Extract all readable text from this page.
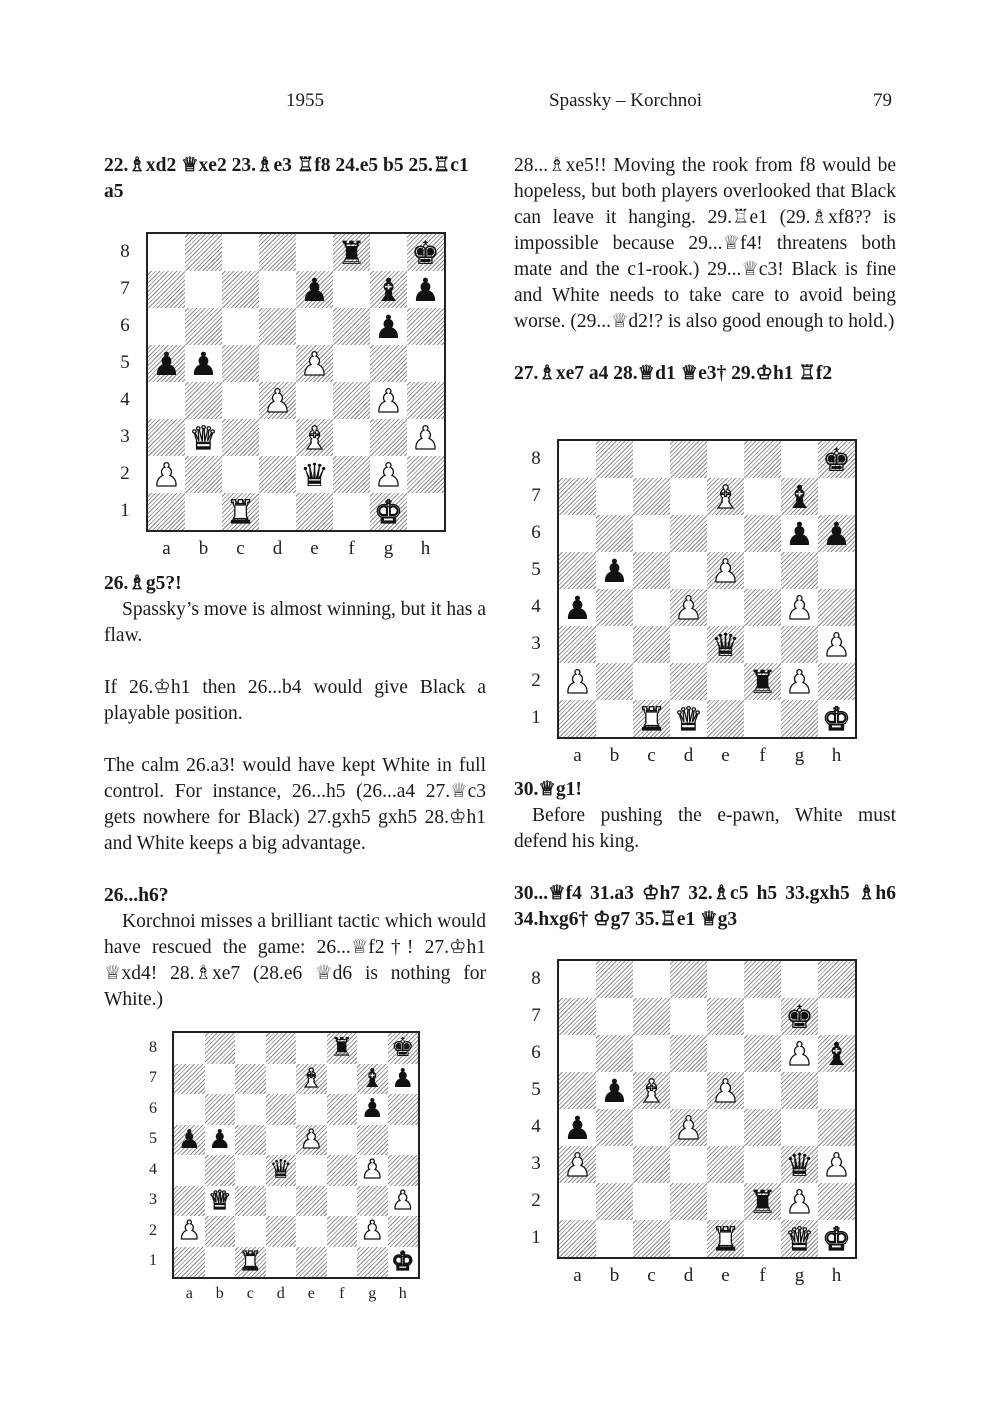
1955	Spassky – Korchnoi	79

22.♗xd2 ♕xe2 23.♗e3 ♖f8 24.e5 b5 25.♖c1 a5

♜ ♚
♟ ♝ ♟
♟
♟ ♟	♟
♟	♟
♛	♝	♟
♟	♛ ♟
♜	♚
8
7
6
5
4
3
2
1
a	b	c	d	e	f	g	h

26.♗g5?!

Spassky’s move is almost winning, but it has a flaw.

If 26.♔h1 then 26...b4 would give Black a playable position.

The calm 26.a3! would have kept White in full control. For instance, 26...h5 (26...a4 27.♕c3 gets nowhere for Black) 27.gxh5 gxh5 28.♔h1 and White keeps a big advantage.

26...h6?

Korchnoi misses a brilliant tactic which would have rescued the game: 26...♕f2†! 27.♔h1 ♕xd4! 28.♗xe7 (28.e6 ♕d6 is nothing for White.)

♜ ♚
♝ ♝ ♟
♟
♟ ♟	♟
♛	♟
♛	♟
♟	♟
♜	♚
8
7
6
5
4
3
2
1
a	b	c	d	e	f	g	h

28...♗xe5!! Moving the rook from f8 would be hopeless, but both players overlooked that Black can leave it hanging. 29.♖e1 (29.♗xf8?? is impossible because 29...♕f4! threatens both mate and the c1-rook.) 29...♕c3! Black is fine and White needs to take care to avoid being worse. (29...♕d2!? is also good enough to hold.)

27.♗xe7 a4 28.♕d1 ♕e3† 29.♔h1 ♖f2

♚
♝ ♝
♟ ♟
♟	♟
♟	♟	♟
♛	♟
♟	♜ ♟
♜ ♛	♚
8
7
6
5
4
3
2
1
a	b	c	d	e	f	g	h

30.♕g1!

Before pushing the e-pawn, White must defend his king.

30...♕f4 31.a3 ♔h7 32.♗c5 h5 33.gxh5 ♗h6 34.hxg6† ♔g7 35.♖e1 ♕g3

♚
♟ ♝
♟ ♝ ♟
♟	♟
♟	♛ ♟
♜ ♟
♜ ♛ ♚
8
7
6
5
4
3
2
1
a	b	c	d	e	f	g	h
